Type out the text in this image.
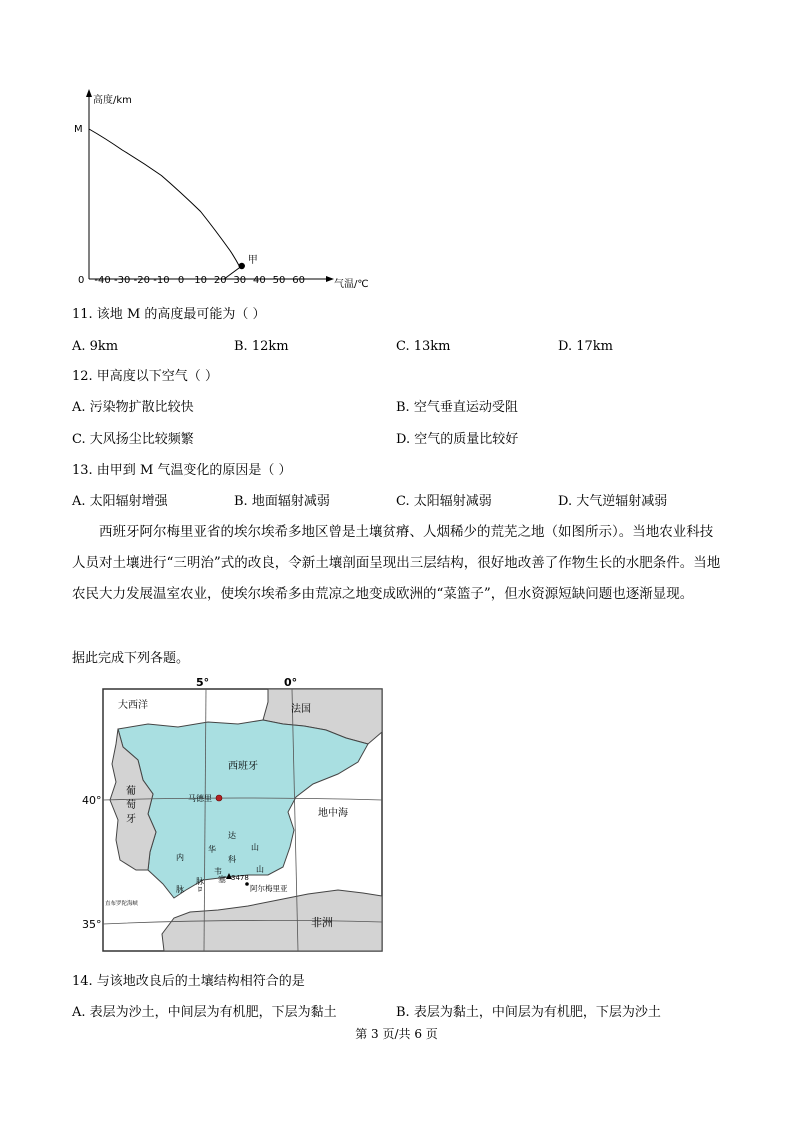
高度/km
M
0	气温/℃
-40 -30 -20 -10 0 10 20 30 40 50 60
甲
11. 该地 M 的高度最可能为（ ）
A. 9km	B. 12km	C. 13km	D. 17km
12. 甲高度以下空气（ ）
A. 污染物扩散比较快	B. 空气垂直运动受阻
C. 大风扬尘比较频繁	D. 空气的质量比较好
13. 由甲到 M 气温变化的原因是（ ）
A. 太阳辐射增强	B. 地面辐射减弱	C. 太阳辐射减弱	D. 大气逆辐射减弱

西班牙阿尔梅里亚省的埃尔埃希多地区曾是土壤贫瘠、人烟稀少的荒芜之地（如图所示）。当地农业科技人员对土壤进行“三明治”式的改良，令新土壤剖面呈现出三层结构，很好地改善了作物生长的水肥条件。当地农民大力发展温室农业，使埃尔埃希多由荒凉之地变成欧洲的“菜篮子”，但水资源短缺问题也逐渐显现。

据此完成下列各题。
5°	0°
40°
35°
大西洋	法国
西班牙
葡
萄
牙
马德里
地中海
非洲
直布罗陀海峡
阿尔梅里亚
3478
内
华
达
山
脉
山
科
韦
塞
脉
ﾛ
14. 与该地改良后的土壤结构相符合的是
A. 表层为沙土，中间层为有机肥，下层为黏土	B. 表层为黏土，中间层为有机肥，下层为沙土
第 3 页/共 6 页
